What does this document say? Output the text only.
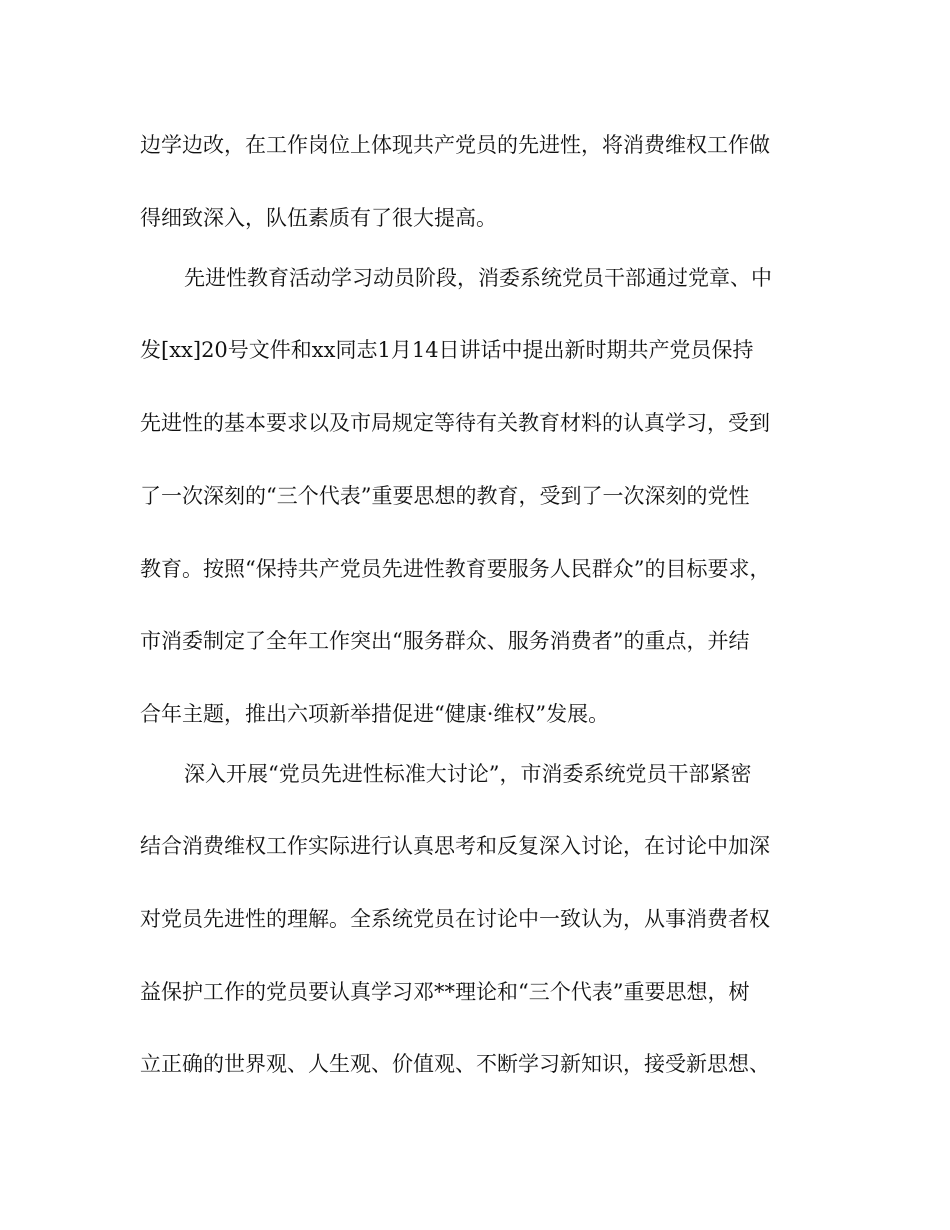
边学边改，在工作岗位上体现共产党员的先进性，将消费维权工作做
得细致深入，队伍素质有了很大提高。
先进性教育活动学习动员阶段，消委系统党员干部通过党章、中
发[xx]20号文件和xx同志1月14日讲话中提出新时期共产党员保持
先进性的基本要求以及市局规定等待有关教育材料的认真学习，受到
了一次深刻的“三个代表”重要思想的教育，受到了一次深刻的党性
教育。按照“保持共产党员先进性教育要服务人民群众”的目标要求，
市消委制定了全年工作突出“服务群众、服务消费者”的重点，并结
合年主题，推出六项新举措促进“健康·维权”发展。
深入开展“党员先进性标准大讨论”，市消委系统党员干部紧密
结合消费维权工作实际进行认真思考和反复深入讨论，在讨论中加深
对党员先进性的理解。全系统党员在讨论中一致认为，从事消费者权
益保护工作的党员要认真学习邓**理论和“三个代表”重要思想，树
立正确的世界观、人生观、价值观、不断学习新知识，接受新思想、
